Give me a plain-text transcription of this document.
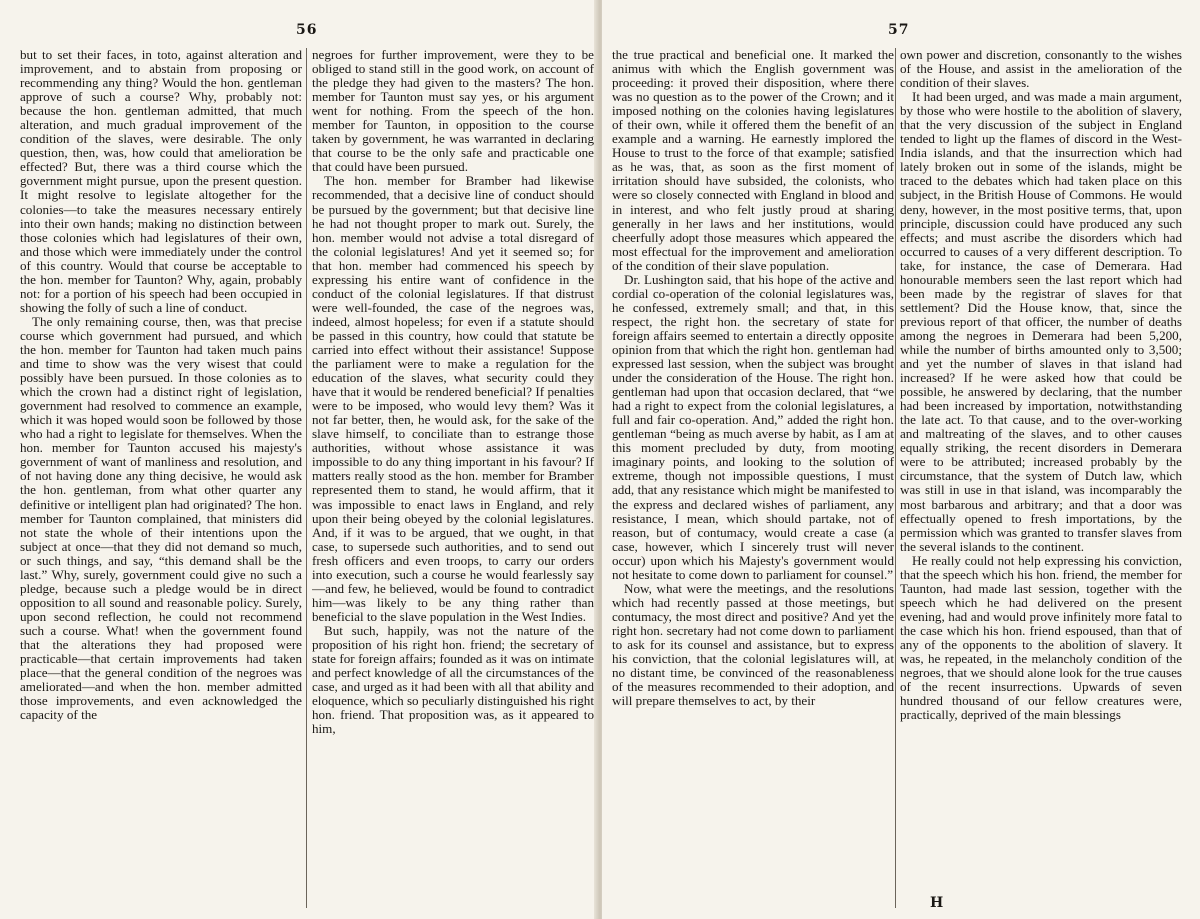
56

but to set their faces, in toto, against alteration and improvement, and to abstain from proposing or recommending any thing? Would the hon. gentleman approve of such a course? Why, probably not: because the hon. gentleman admitted, that much alteration, and much gradual improvement of the condition of the slaves, were desirable. The only question, then, was, how could that amelioration be effected? But, there was a third course which the government might pursue, upon the present question. It might resolve to legislate altogether for the colonies—to take the measures necessary entirely into their own hands; making no distinction between those colonies which had legislatures of their own, and those which were immediately under the control of this country. Would that course be acceptable to the hon. member for Taunton? Why, again, probably not: for a portion of his speech had been occupied in showing the folly of such a line of conduct.

The only remaining course, then, was that precise course which government had pursued, and which the hon. member for Taunton had taken much pains and time to show was the very wisest that could possibly have been pursued. In those colonies as to which the crown had a distinct right of legislation, government had resolved to commence an example, which it was hoped would soon be followed by those who had a right to legislate for themselves. When the hon. member for Taunton accused his majesty's government of want of manliness and resolution, and of not having done any thing decisive, he would ask the hon. gentleman, from what other quarter any definitive or intelligent plan had originated? The hon. member for Taunton complained, that ministers did not state the whole of their intentions upon the subject at once—that they did not demand so much, or such things, and say, “this demand shall be the last.” Why, surely, government could give no such a pledge, because such a pledge would be in direct opposition to all sound and reasonable policy. Surely, upon second reflection, he could not recommend such a course. What! when the government found that the alterations they had proposed were practicable—that certain improvements had taken place—that the general condition of the negroes was ameliorated—and when the hon. member admitted those improvements, and even acknowledged the capacity of the

negroes for further improvement, were they to be obliged to stand still in the good work, on account of the pledge they had given to the masters? The hon. member for Taunton must say yes, or his argument went for nothing. From the speech of the hon. member for Taunton, in opposition to the course taken by government, he was warranted in declaring that course to be the only safe and practicable one that could have been pursued.

The hon. member for Bramber had likewise recommended, that a decisive line of conduct should be pursued by the government; but that decisive line he had not thought proper to mark out. Surely, the hon. member would not advise a total disregard of the colonial legislatures! And yet it seemed so; for that hon. member had commenced his speech by expressing his entire want of confidence in the conduct of the colonial legislatures. If that distrust were well-founded, the case of the negroes was, indeed, almost hopeless; for even if a statute should be passed in this country, how could that statute be carried into effect without their assistance! Suppose the parliament were to make a regulation for the education of the slaves, what security could they have that it would be rendered beneficial? If penalties were to be imposed, who would levy them? Was it not far better, then, he would ask, for the sake of the slave himself, to conciliate than to estrange those authorities, without whose assistance it was impossible to do any thing important in his favour? If matters really stood as the hon. member for Bramber represented them to stand, he would affirm, that it was impossible to enact laws in England, and rely upon their being obeyed by the colonial legislatures. And, if it was to be argued, that we ought, in that case, to supersede such authorities, and to send out fresh officers and even troops, to carry our orders into execution, such a course he would fearlessly say—and few, he believed, would be found to contradict him—was likely to be any thing rather than beneficial to the slave population in the West Indies.

But such, happily, was not the nature of the proposition of his right hon. friend; the secretary of state for foreign affairs; founded as it was on intimate and perfect knowledge of all the circumstances of the case, and urged as it had been with all that ability and eloquence, which so peculiarly distinguished his right hon. friend. That proposition was, as it appeared to him,

57

the true practical and beneficial one. It marked the animus with which the English government was proceeding: it proved their disposition, where there was no question as to the power of the Crown; and it imposed nothing on the colonies having legislatures of their own, while it offered them the benefit of an example and a warning. He earnestly implored the House to trust to the force of that example; satisfied as he was, that, as soon as the first moment of irritation should have subsided, the colonists, who were so closely connected with England in blood and in interest, and who felt justly proud at sharing generally in her laws and her institutions, would cheerfully adopt those measures which appeared the most effectual for the improvement and amelioration of the condition of their slave population.

Dr. Lushington said, that his hope of the active and cordial co-operation of the colonial legislatures was, he confessed, extremely small; and that, in this respect, the right hon. the secretary of state for foreign affairs seemed to entertain a directly opposite opinion from that which the right hon. gentleman had expressed last session, when the subject was brought under the consideration of the House. The right hon. gentleman had upon that occasion declared, that “we had a right to expect from the colonial legislatures, a full and fair co-operation. And,” added the right hon. gentleman “being as much averse by habit, as I am at this moment precluded by duty, from mooting imaginary points, and looking to the solution of extreme, though not impossible questions, I must add, that any resistance which might be manifested to the express and declared wishes of parliament, any resistance, I mean, which should partake, not of reason, but of contumacy, would create a case (a case, however, which I sincerely trust will never occur) upon which his Majesty's government would not hesitate to come down to parliament for counsel.”

Now, what were the meetings, and the resolutions which had recently passed at those meetings, but contumacy, the most direct and positive? And yet the right hon. secretary had not come down to parliament to ask for its counsel and assistance, but to express his conviction, that the colonial legislatures will, at no distant time, be convinced of the reasonableness of the measures recommended to their adoption, and will prepare themselves to act, by their

own power and discretion, consonantly to the wishes of the House, and assist in the amelioration of the condition of their slaves.

It had been urged, and was made a main argument, by those who were hostile to the abolition of slavery, that the very discussion of the subject in England tended to light up the flames of discord in the West-India islands, and that the insurrection which had lately broken out in some of the islands, might be traced to the debates which had taken place on this subject, in the British House of Commons. He would deny, however, in the most positive terms, that, upon principle, discussion could have produced any such effects; and must ascribe the disorders which had occurred to causes of a very different description. To take, for instance, the case of Demerara. Had honourable members seen the last report which had been made by the registrar of slaves for that settlement? Did the House know, that, since the previous report of that officer, the number of deaths among the negroes in Demerara had been 5,200, while the number of births amounted only to 3,500; and yet the number of slaves in that island had increased? If he were asked how that could be possible, he answered by declaring, that the number had been increased by importation, notwithstanding the late act. To that cause, and to the over-working and maltreating of the slaves, and to other causes equally striking, the recent disorders in Demerara were to be attributed; increased probably by the circumstance, that the system of Dutch law, which was still in use in that island, was incomparably the most barbarous and arbitrary; and that a door was effectually opened to fresh importations, by the permission which was granted to transfer slaves from the several islands to the continent.

He really could not help expressing his conviction, that the speech which his hon. friend, the member for Taunton, had made last session, together with the speech which he had delivered on the present evening, had and would prove infinitely more fatal to the case which his hon. friend espoused, than that of any of the opponents to the abolition of slavery. It was, he repeated, in the melancholy condition of the negroes, that we should alone look for the true causes of the recent insurrections. Upwards of seven hundred thousand of our fellow creatures were, practically, deprived of the main blessings

H
